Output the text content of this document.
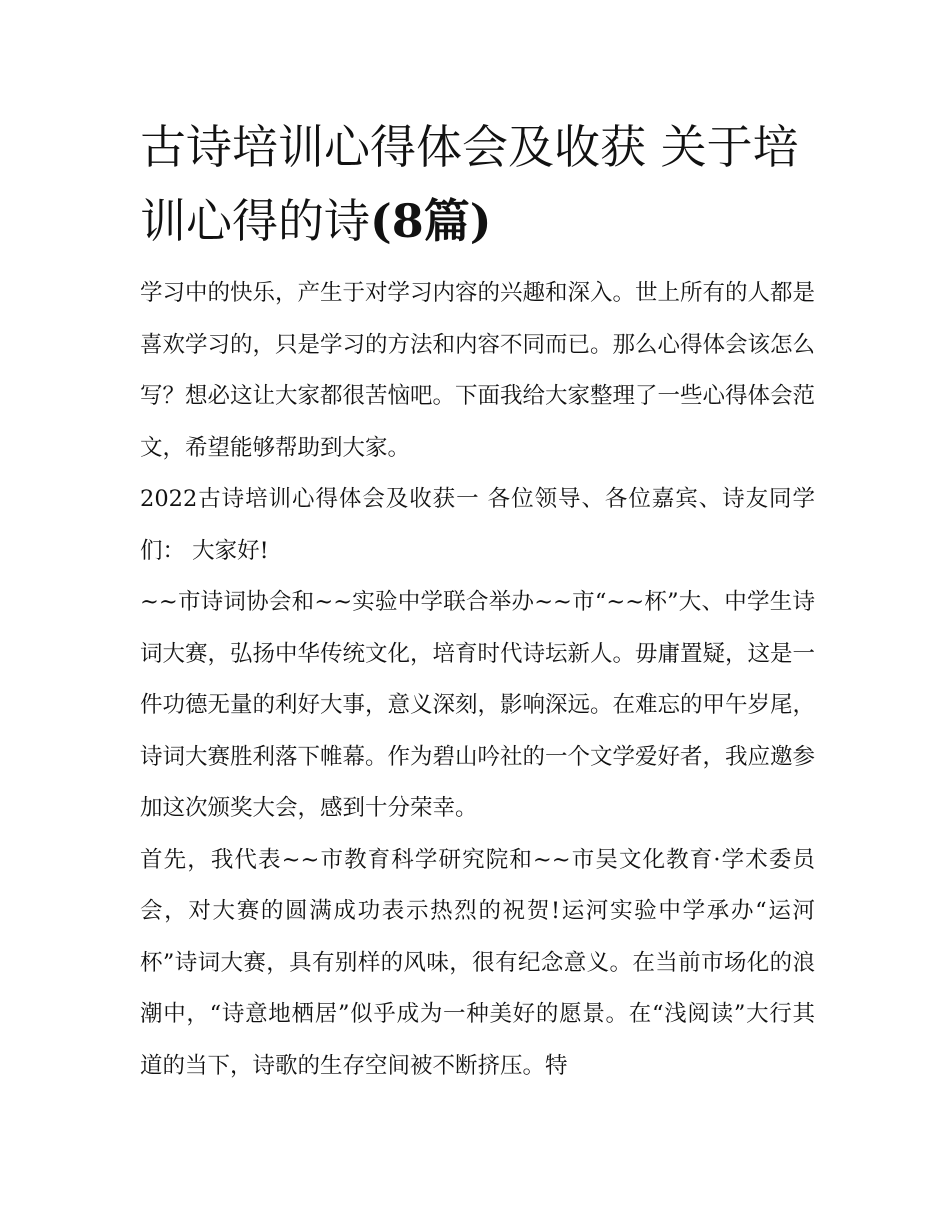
古诗培训心得体会及收获 关于培训心得的诗(8篇)

学习中的快乐，产生于对学习内容的兴趣和深入。世上所有的人都是喜欢学习的，只是学习的方法和内容不同而已。那么心得体会该怎么写？想必这让大家都很苦恼吧。下面我给大家整理了一些心得体会范文，希望能够帮助到大家。

2022古诗培训心得体会及收获一 各位领导、各位嘉宾、诗友同学们： 大家好!

~~市诗词协会和~~实验中学联合举办~~市“~~杯”大、中学生诗词大赛，弘扬中华传统文化，培育时代诗坛新人。毋庸置疑，这是一件功德无量的利好大事，意义深刻，影响深远。在难忘的甲午岁尾，诗词大赛胜利落下帷幕。作为碧山吟社的一个文学爱好者，我应邀参加这次颁奖大会，感到十分荣幸。

首先，我代表~~市教育科学研究院和~~市吴文化教育·学术委员会，对大赛的圆满成功表示热烈的祝贺!运河实验中学承办“运河杯”诗词大赛，具有别样的风味，很有纪念意义。在当前市场化的浪潮中，“诗意地栖居”似乎成为一种美好的愿景。在“浅阅读”大行其道的当下，诗歌的生存空间被不断挤压。特
